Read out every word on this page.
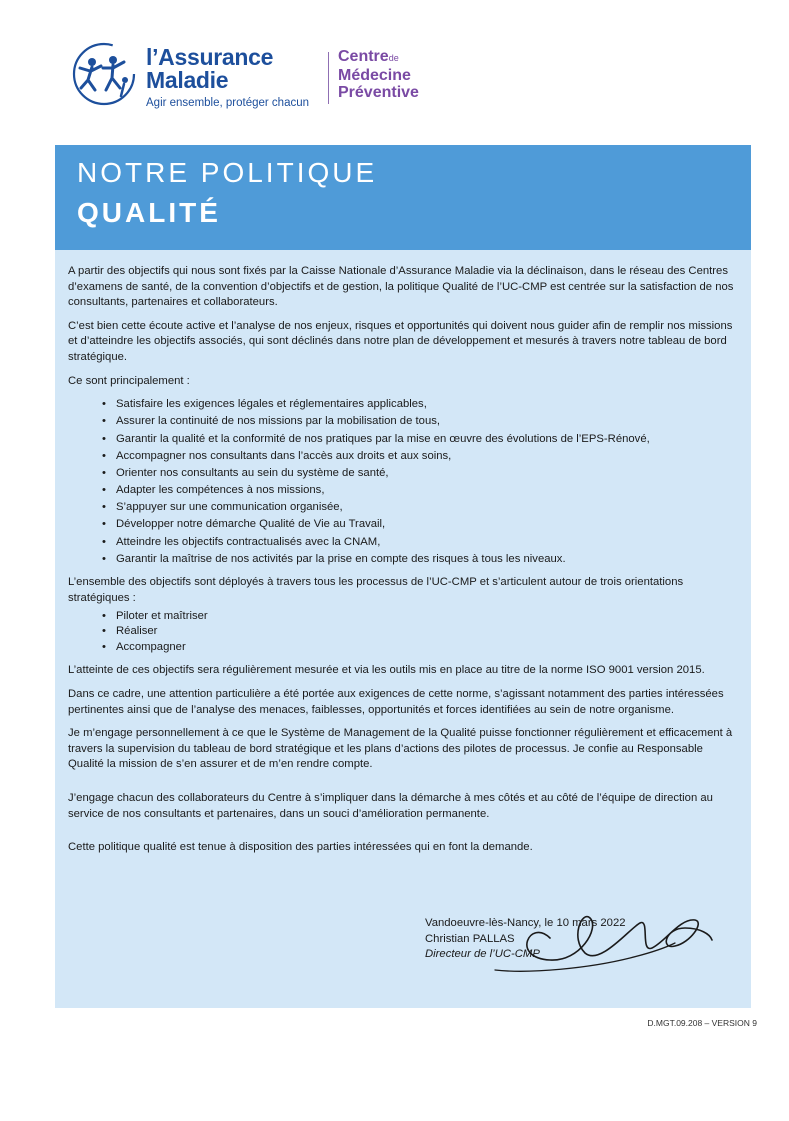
l’Assurance
Maladie
Agir ensemble, protéger chacun
Centrede
Médecine
Préventive
NOTRE POLITIQUE
QUALITÉ

A partir des objectifs qui nous sont fixés par la Caisse Nationale d’Assurance Maladie via la déclinaison, dans le réseau des Centres d’examens de santé, de la convention d’objectifs et de gestion, la politique Qualité de l’UC-CMP est centrée sur la satisfaction de nos consultants, partenaires et collaborateurs.

C’est bien cette écoute active et l’analyse de nos enjeux, risques et opportunités qui doivent nous guider afin de remplir nos missions et d’atteindre les objectifs associés, qui sont déclinés dans notre plan de développement et mesurés à travers notre tableau de bord stratégique.

Ce sont principalement :

• Satisfaire les exigences légales et réglementaires applicables,
• Assurer la continuité de nos missions par la mobilisation de tous,
• Garantir la qualité et la conformité de nos pratiques par la mise en œuvre des évolutions de l’EPS-Rénové,
• Accompagner nos consultants dans l’accès aux droits et aux soins,
• Orienter nos consultants au sein du système de santé,
• Adapter les compétences à nos missions,
• S’appuyer sur une communication organisée,
• Développer notre démarche Qualité de Vie au Travail,
• Atteindre les objectifs contractualisés avec la CNAM,
• Garantir la maîtrise de nos activités par la prise en compte des risques à tous les niveaux.

L’ensemble des objectifs sont déployés à travers tous les processus de l’UC-CMP et s’articulent autour de trois orientations stratégiques :

• Piloter et maîtriser
• Réaliser
• Accompagner

L’atteinte de ces objectifs sera régulièrement mesurée et via les outils mis en place au titre de la norme ISO 9001 version 2015.

Dans ce cadre, une attention particulière a été portée aux exigences de cette norme, s’agissant notamment des parties intéressées pertinentes ainsi que de l’analyse des menaces, faiblesses, opportunités et forces identifiées au sein de notre organisme.

Je m’engage personnellement à ce que le Système de Management de la Qualité puisse fonctionner régulièrement et efficacement à travers la supervision du tableau de bord stratégique et les plans d’actions des pilotes de processus. Je confie au Responsable Qualité la mission de s’en assurer et de m’en rendre compte.

J’engage chacun des collaborateurs du Centre à s’impliquer dans la démarche à mes côtés et au côté de l’équipe de direction au service de nos consultants et partenaires, dans un souci d’amélioration permanente.

Cette politique qualité est tenue à disposition des parties intéressées qui en font la demande.

Vandoeuvre-lès-Nancy, le 10 mars 2022
Christian PALLAS
Directeur de l’UC-CMP
D.MGT.09.208 – VERSION 9
